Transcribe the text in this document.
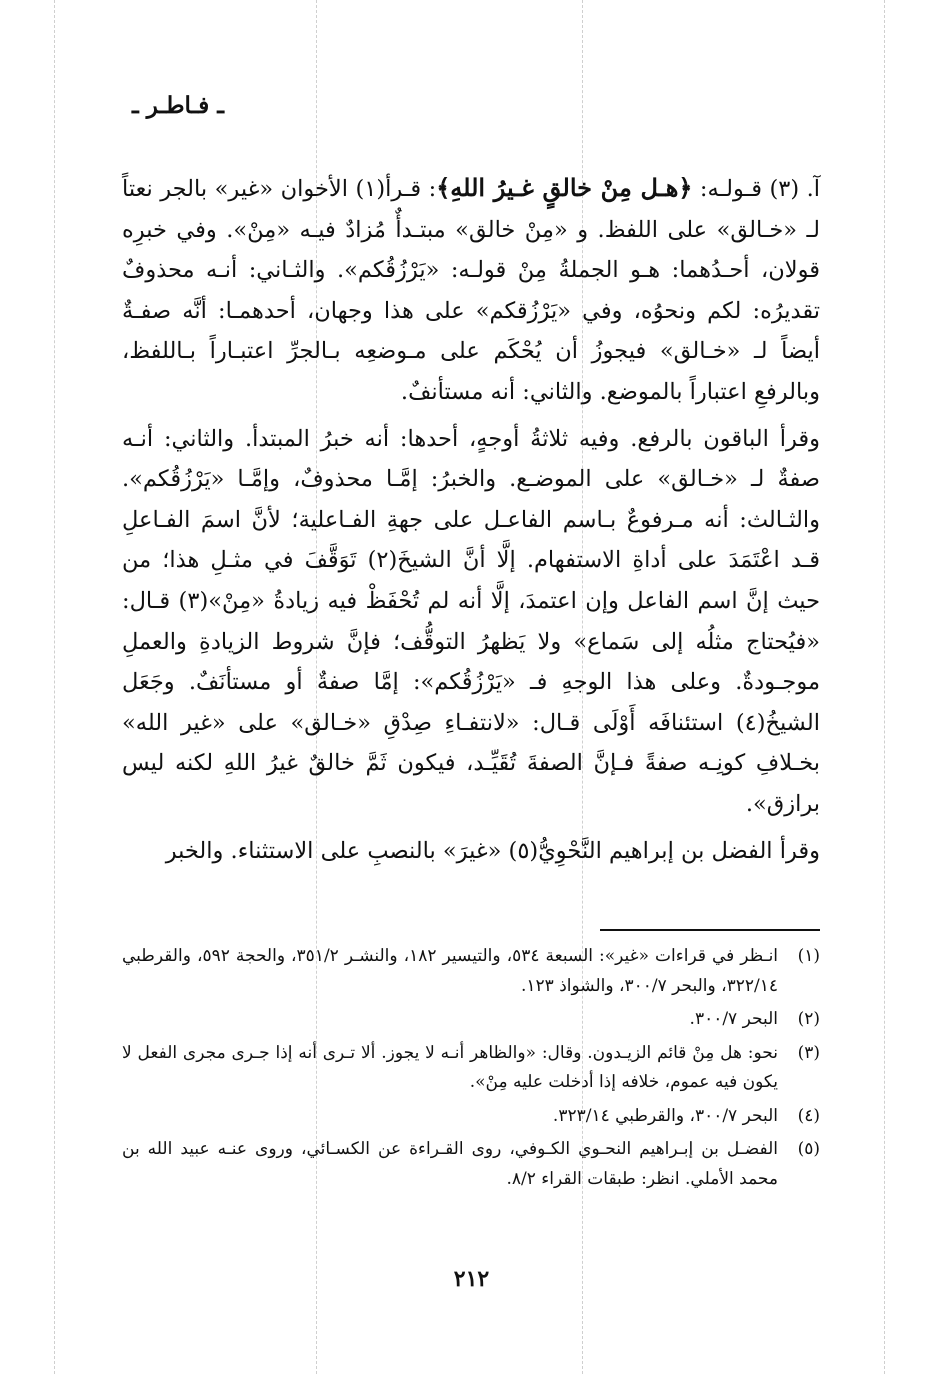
ـ فـاطـر ـ

آ. (٣) قـولـه: ﴿هـل مِنْ خالقٍ غـيرُ اللهِ﴾: قـرأ(١) الأخوان «غير» بالجر نعتاً لـ «خـالق» على اللفظ. و «مِنْ خالق» مبتـدأٌ مُزادٌ فيـه «مِنْ». وفي خبرِه قولان، أحـدُهما: هـو الجملةُ مِنْ قولـه: «يَرْزُقُكم». والثـاني: أنـه محذوفٌ تقديرُه: لكم ونحوُه، وفي «يَرْزُقكم» على هذا وجهان، أحدهمـا: أنَّه صفـةٌ أيضاً لـ «خـالق» فيجوزُ أن يُحْكَم على مـوضعِه بـالجرِّ اعتبـاراً بـاللفظ، وبالرفعِ اعتباراً بالموضع. والثاني: أنه مستأنفٌ.

وقرأ الباقون بالرفع. وفيه ثلاثةُ أوجهٍ، أحدها: أنه خبرُ المبتدأ. والثاني: أنـه صفةٌ لـ «خـالق» على الموضـع. والخبرُ: إمَّـا محذوفٌ، وإمَّـا «يَرْزُقُكم». والثـالث: أنه مـرفوعٌ بـاسم الفاعـل على جهةِ الفـاعلية؛ لأنَّ اسمَ الفـاعلِ قـد اعْتَمَدَ على أداةِ الاستفهام. إلَّا أنَّ الشيخَ(٢) تَوَقَّفَ في مثـلِ هذا؛ من حيث إنَّ اسم الفاعل وإن اعتمدَ، إلَّا أنه لم تُحْفَظْ فيه زيادةُ «مِنْ»(٣) قـال: «فيُحتاج مثلُه إلى سَماع» ولا يَظهرُ التوقُّف؛ فإنَّ شروط الزيادةِ والعملِ موجـودةٌ. وعلى هذا الوجهِ فـ «يَرْزُقُكم»: إمَّا صفةٌ أو مستأنَفٌ. وجَعَل الشيخُ(٤) استئنافَه أَوْلَى قـال: «لانتفـاءِ صِدْقِ «خـالق» على «غير الله» بخـلافِ كونِـه صفةً فـإنَّ الصفةَ تُقَيِّـد، فيكون ثَمَّ خالقٌ غيرُ اللهِ لكنه ليس برازق».

وقرأ الفضل بن إبراهيم النَّحْوِيُّ(٥) «غيرَ» بالنصبِ على الاستثناء. والخبر

(١)
انـظر في قراءات «غير»: السبعة ٥٣٤، والتيسير ١٨٢، والنشـر ٣٥١/٢، والحجة ٥٩٢، والقرطبي ٣٢٢/١٤، والبحر ٣٠٠/٧، والشواذ ١٢٣.
(٢)
البحر ٣٠٠/٧.
(٣)
نحو: هل مِنْ قائم الزيـدون. وقال: «والظاهر أنـه لا يجوز. ألا تـرى أنه إذا جـرى مجرى الفعل لا يكون فيه عموم، خلافه إذا أدخلت عليه مِنْ».
(٤)
البحر ٣٠٠/٧، والقرطبي ٣٢٣/١٤.
(٥)
الفضـل بن إبـراهيم النحـوي الكـوفي، روى القـراءة عن الكسـائي، وروى عنـه عبيد الله بن محمد الأملي. انظر: طبقات القراء ٨/٢.
٢١٢
